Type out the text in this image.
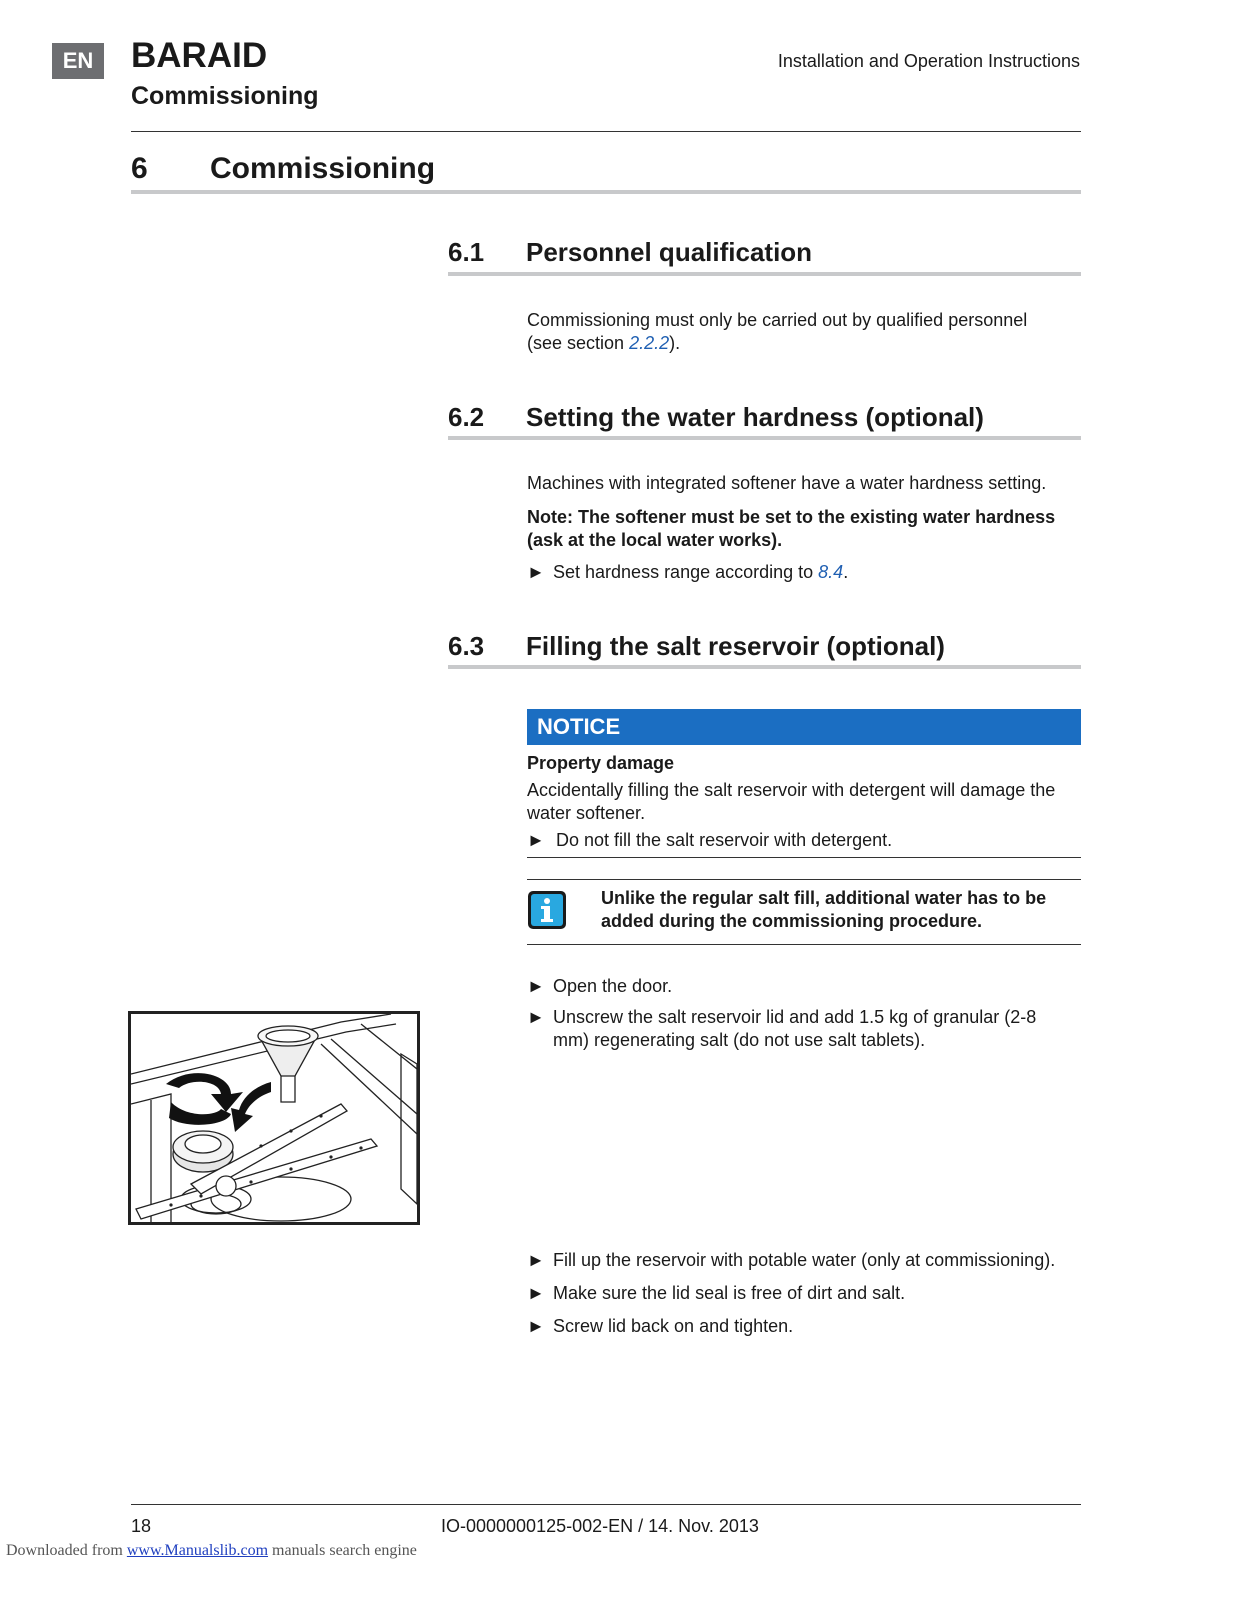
EN	BARAID
Commissioning
Installation and Operation Instructions
6 Commissioning
6.1 Personnel qualification
Commissioning must only be carried out by qualified personnel
(see section 2.2.2).
6.2 Setting the water hardness (optional)
Machines with integrated softener have a water hardness setting.
Note: The softener must be set to the existing water hardness
(ask at the local water works).
► Set hardness range according to 8.4.
6.3 Filling the salt reservoir (optional)
NOTICE
Property damage
Accidentally filling the salt reservoir with detergent will damage the
water softener.
► Do not fill the salt reservoir with detergent.
Unlike the regular salt fill, additional water has to be
added during the commissioning procedure.
► Open the door.
► Unscrew the salt reservoir lid and add 1.5 kg of granular (2-8
mm) regenerating salt (do not use salt tablets).
► Fill up the reservoir with potable water (only at commissioning).
► Make sure the lid seal is free of dirt and salt.
► Screw lid back on and tighten.
18	IO-0000000125-002-EN / 14. Nov. 2013
Downloaded from www.Manualslib.com manuals search engine
